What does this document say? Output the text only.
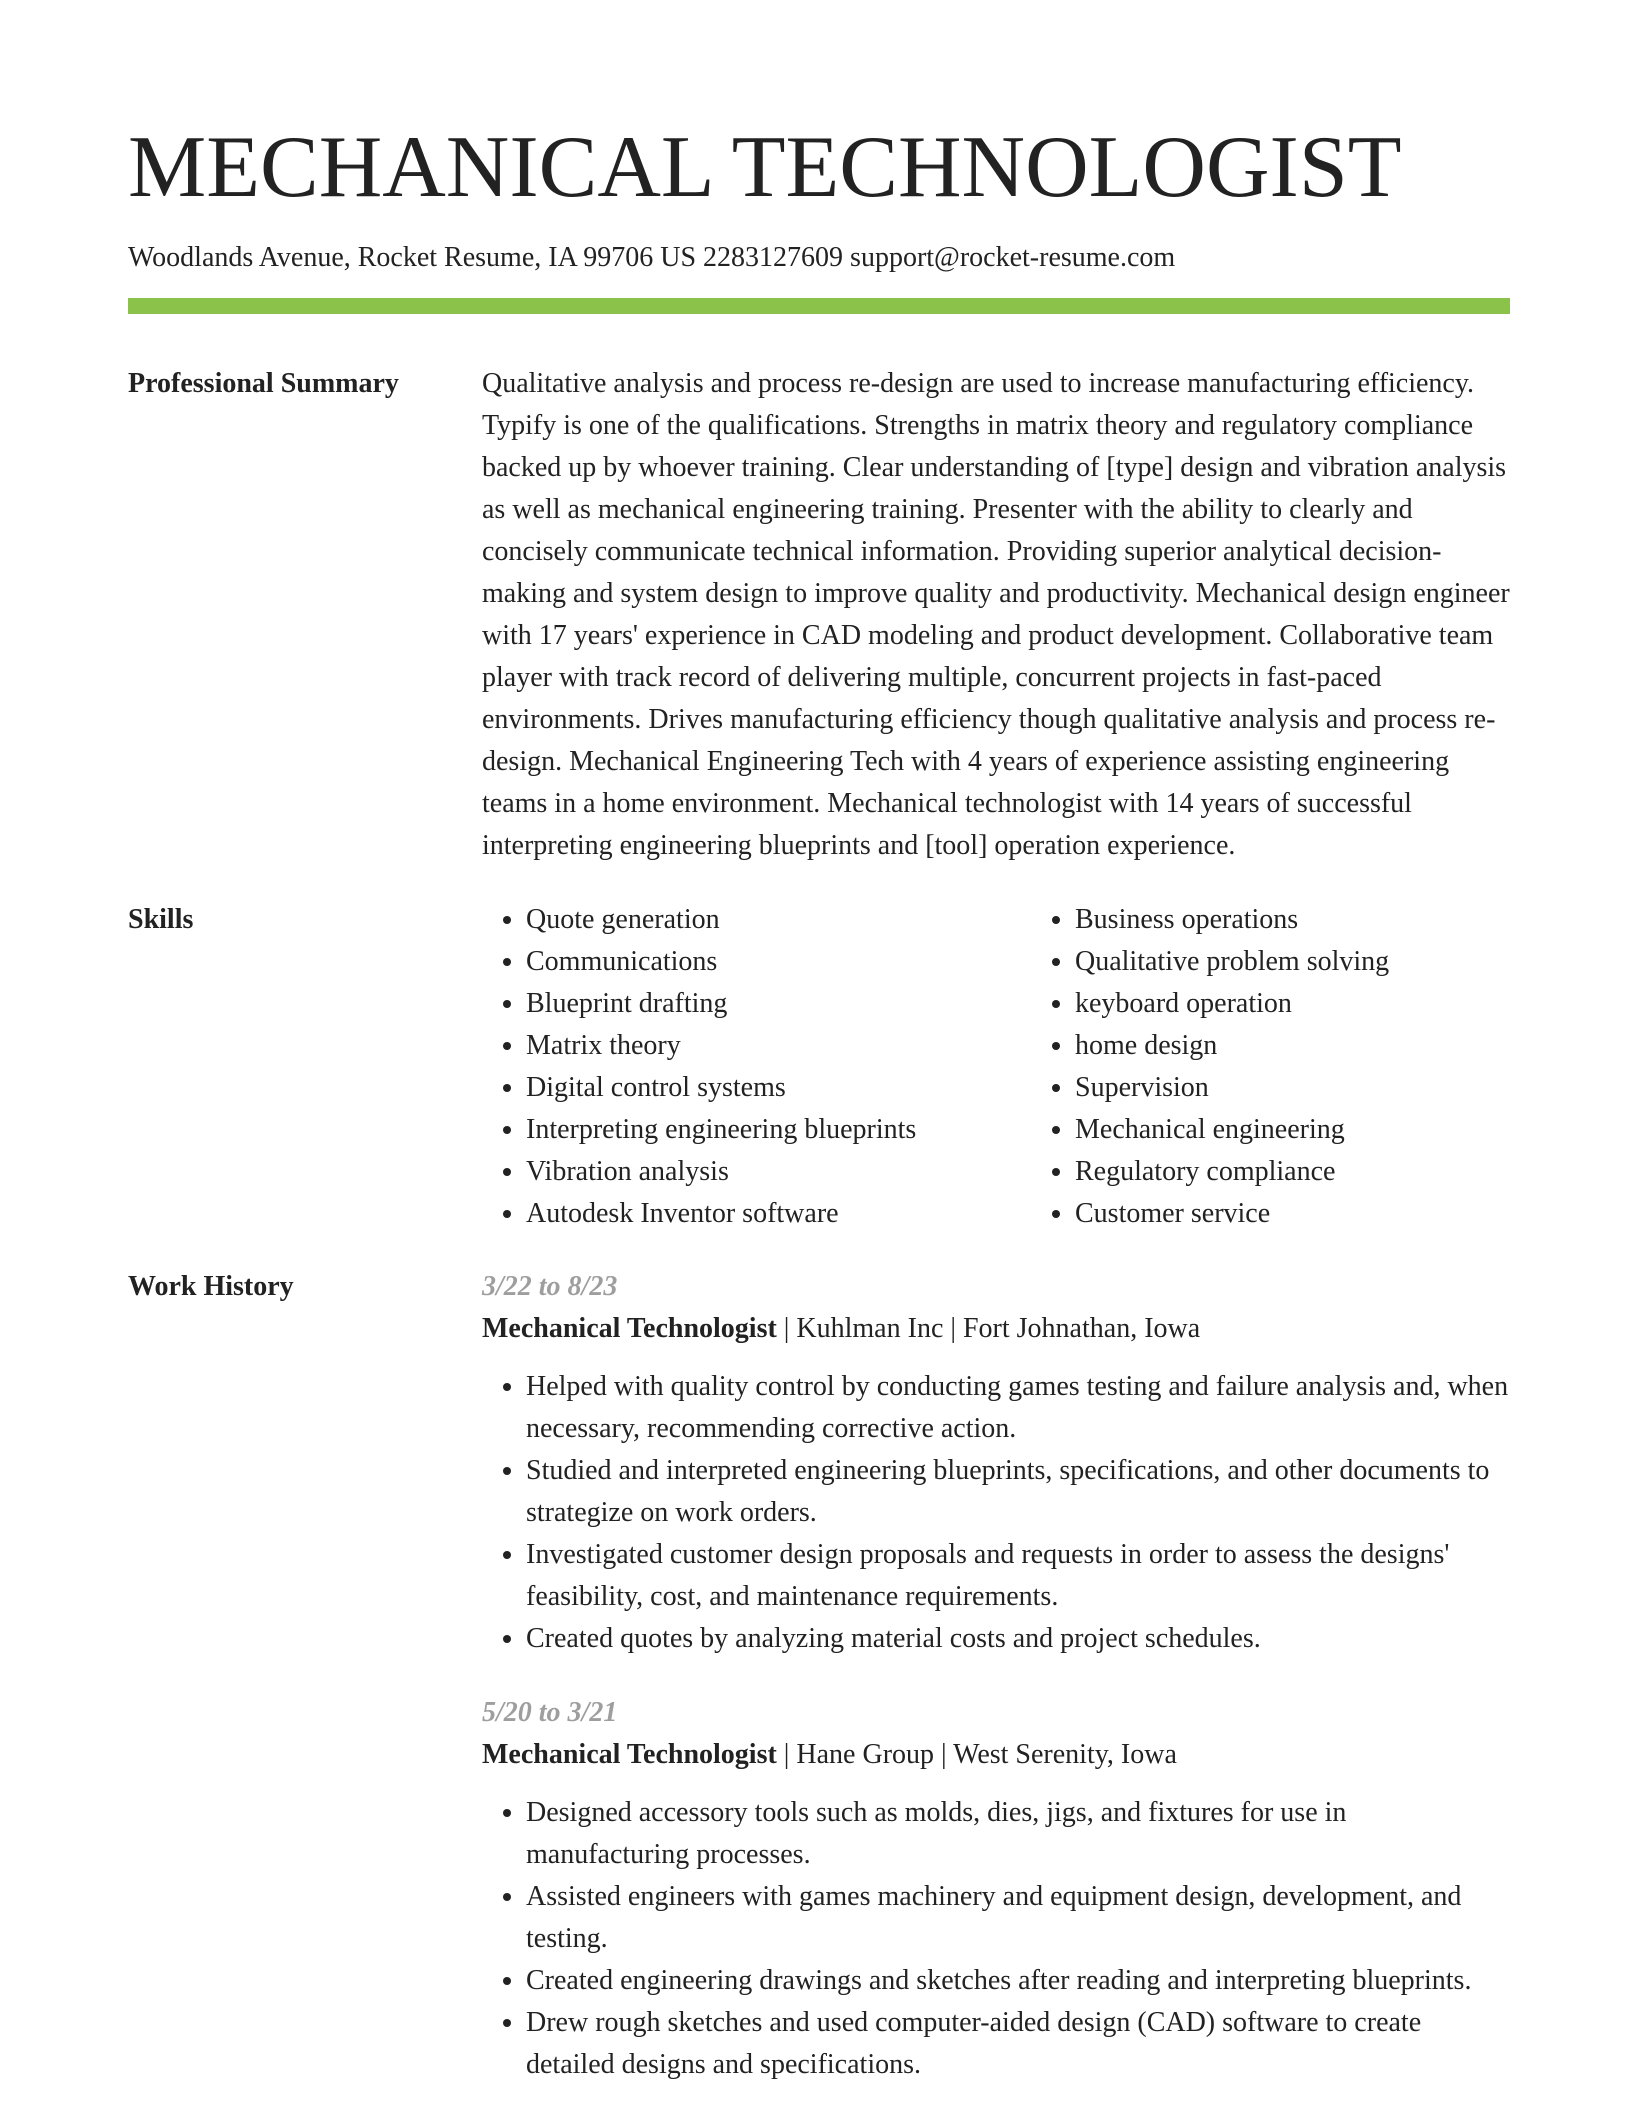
MECHANICAL TECHNOLOGIST
Woodlands Avenue, Rocket Resume, IA 99706 US 2283127609 support@rocket-resume.com
Professional Summary	Qualitative analysis and process re-design are used to increase manufacturing efficiency. Typify is one of the qualifications. Strengths in matrix theory and regulatory compliance backed up by whoever training. Clear understanding of [type] design and vibration analysis as well as mechanical engineering training. Presenter with the ability to clearly and concisely communicate technical information. Providing superior analytical decision-making and system design to improve quality and productivity. Mechanical design engineer with 17 years' experience in CAD modeling and product development. Collaborative team player with track record of delivering multiple, concurrent projects in fast-paced environments. Drives manufacturing efficiency though qualitative analysis and process re-design. Mechanical Engineering Tech with 4 years of experience assisting engineering teams in a home environment. Mechanical technologist with 14 years of successful interpreting engineering blueprints and [tool] operation experience.
Skills
•	Quote generation
• Communications
• Blueprint drafting
• Matrix theory
• Digital control systems
• Interpreting engineering blueprints
• Vibration analysis
• Autodesk Inventor software
• Business operations
• Qualitative problem solving
• keyboard operation
• home design
• Supervision
• Mechanical engineering
• Regulatory compliance
• Customer service
Work History	3/22 to 8/23
Mechanical Technologist | Kuhlman Inc | Fort Johnathan, Iowa
• Helped with quality control by conducting games testing and failure analysis and, when necessary, recommending corrective action.
• Studied and interpreted engineering blueprints, specifications, and other documents to strategize on work orders.
• Investigated customer design proposals and requests in order to assess the designs' feasibility, cost, and maintenance requirements.
• Created quotes by analyzing material costs and project schedules.
5/20 to 3/21
Mechanical Technologist | Hane Group | West Serenity, Iowa
• Designed accessory tools such as molds, dies, jigs, and fixtures for use in manufacturing processes.
• Assisted engineers with games machinery and equipment design, development, and testing.
• Created engineering drawings and sketches after reading and interpreting blueprints.
• Drew rough sketches and used computer-aided design (CAD) software to create detailed designs and specifications.
